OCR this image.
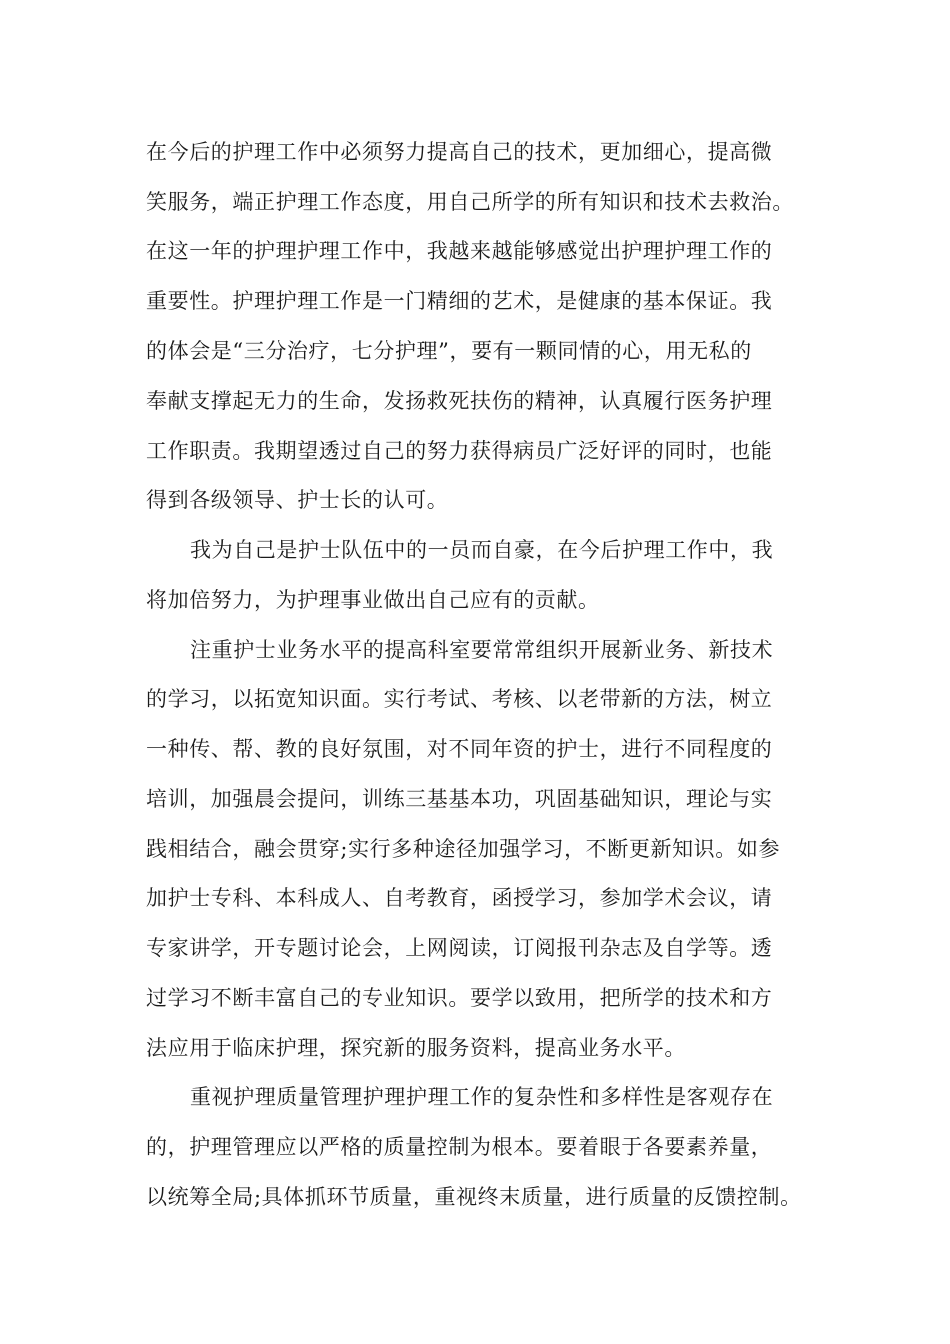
在今后的护理工作中必须努力提高自己的技术，更加细心，提高微
笑服务，端正护理工作态度，用自己所学的所有知识和技术去救治。
在这一年的护理护理工作中，我越来越能够感觉出护理护理工作的
重要性。护理护理工作是一门精细的艺术，是健康的基本保证。我
的体会是“三分治疗，七分护理”，要有一颗同情的心，用无私的
奉献支撑起无力的生命，发扬救死扶伤的精神，认真履行医务护理
工作职责。我期望透过自己的努力获得病员广泛好评的同时，也能
得到各级领导、护士长的认可。
我为自己是护士队伍中的一员而自豪，在今后护理工作中，我
将加倍努力，为护理事业做出自己应有的贡献。
注重护士业务水平的提高科室要常常组织开展新业务、新技术
的学习，以拓宽知识面。实行考试、考核、以老带新的方法，树立
一种传、帮、教的良好氛围，对不同年资的护士，进行不同程度的
培训，加强晨会提问，训练三基基本功，巩固基础知识，理论与实
践相结合，融会贯穿;实行多种途径加强学习，不断更新知识。如参
加护士专科、本科成人、自考教育，函授学习，参加学术会议，请
专家讲学，开专题讨论会，上网阅读，订阅报刊杂志及自学等。透
过学习不断丰富自己的专业知识。要学以致用，把所学的技术和方
法应用于临床护理，探究新的服务资料，提高业务水平。
重视护理质量管理护理护理工作的复杂性和多样性是客观存在
的，护理管理应以严格的质量控制为根本。要着眼于各要素养量，
以统筹全局;具体抓环节质量，重视终末质量，进行质量的反馈控制。
